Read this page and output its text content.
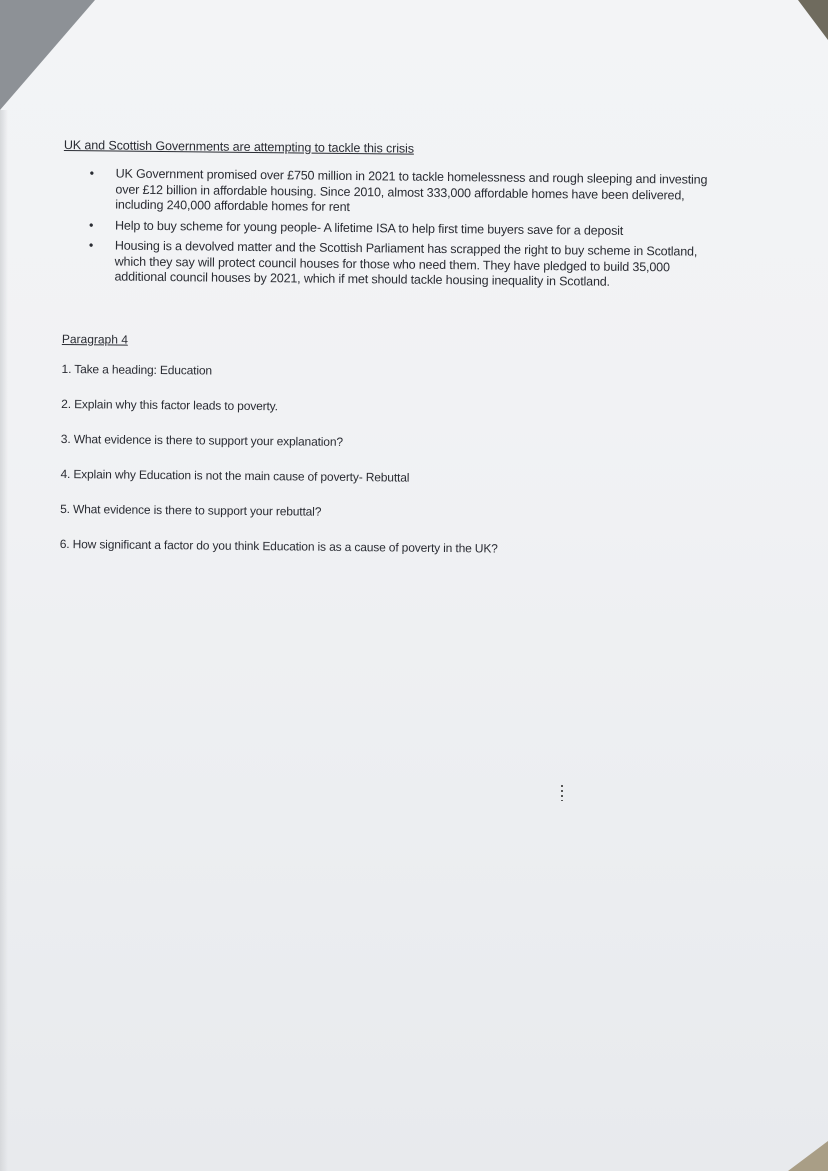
UK and Scottish Governments are attempting to tackle this crisis
• UK Government promised over £750 million in 2021 to tackle homelessness and rough sleeping and investing over £12 billion in affordable housing. Since 2010, almost 333,000 affordable homes have been delivered, including 240,000 affordable homes for rent
• Help to buy scheme for young people- A lifetime ISA to help first time buyers save for a deposit
• Housing is a devolved matter and the Scottish Parliament has scrapped the right to buy scheme in Scotland, which they say will protect council houses for those who need them. They have pledged to build 35,000 additional council houses by 2021, which if met should tackle housing inequality in Scotland.
Paragraph 4
1. Take a heading: Education
2. Explain why this factor leads to poverty.
3. What evidence is there to support your explanation?
4. Explain why Education is not the main cause of poverty- Rebuttal
5. What evidence is there to support your rebuttal?
6. How significant a factor do you think Education is as a cause of poverty in the UK?
